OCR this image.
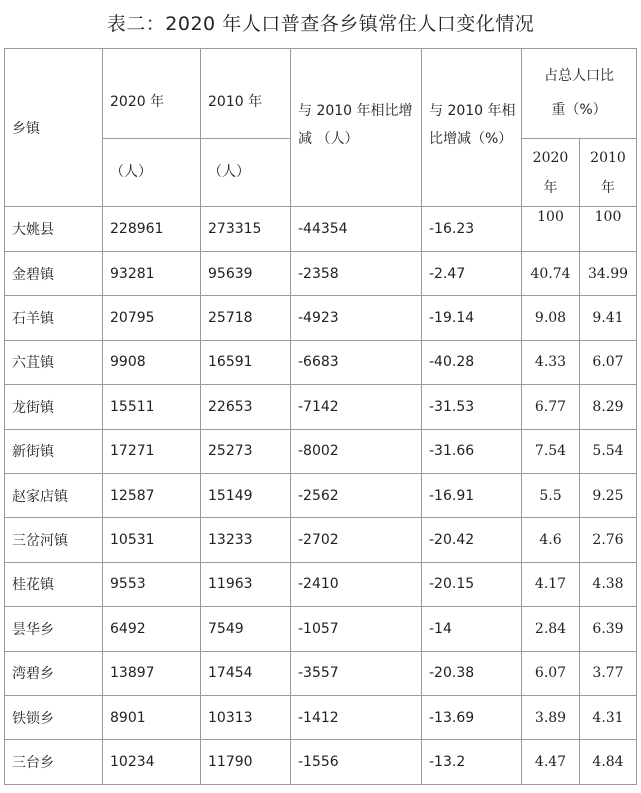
表二：2020 年人口普查各乡镇常住人口变化情况
乡镇	2020 年	2010 年	与 2010 年相比增
减 （人）	与 2010 年相
比增减（%）	占总人口比
重（%）	

	（人）	（人）			2020
年	2010
年

大姚县	228961	273315	-44354	-16.23	100	100
金碧镇	93281	95639	-2358	-2.47	40.74	34.99
石羊镇	20795	25718	-4923	-19.14	9.08	9.41
六苴镇	9908	16591	-6683	-40.28	4.33	6.07
龙街镇	15511	22653	-7142	-31.53	6.77	8.29
新街镇	17271	25273	-8002	-31.66	7.54	5.54
赵家店镇	12587	15149	-2562	-16.91	5.5	9.25
三岔河镇	10531	13233	-2702	-20.42	4.6	2.76
桂花镇	9553	11963	-2410	-20.15	4.17	4.38
昙华乡	6492	7549	-1057	-14	2.84	6.39
湾碧乡	13897	17454	-3557	-20.38	6.07	3.77
铁锁乡	8901	10313	-1412	-13.69	3.89	4.31
三台乡	10234	11790	-1556	-13.2	4.47	4.84
